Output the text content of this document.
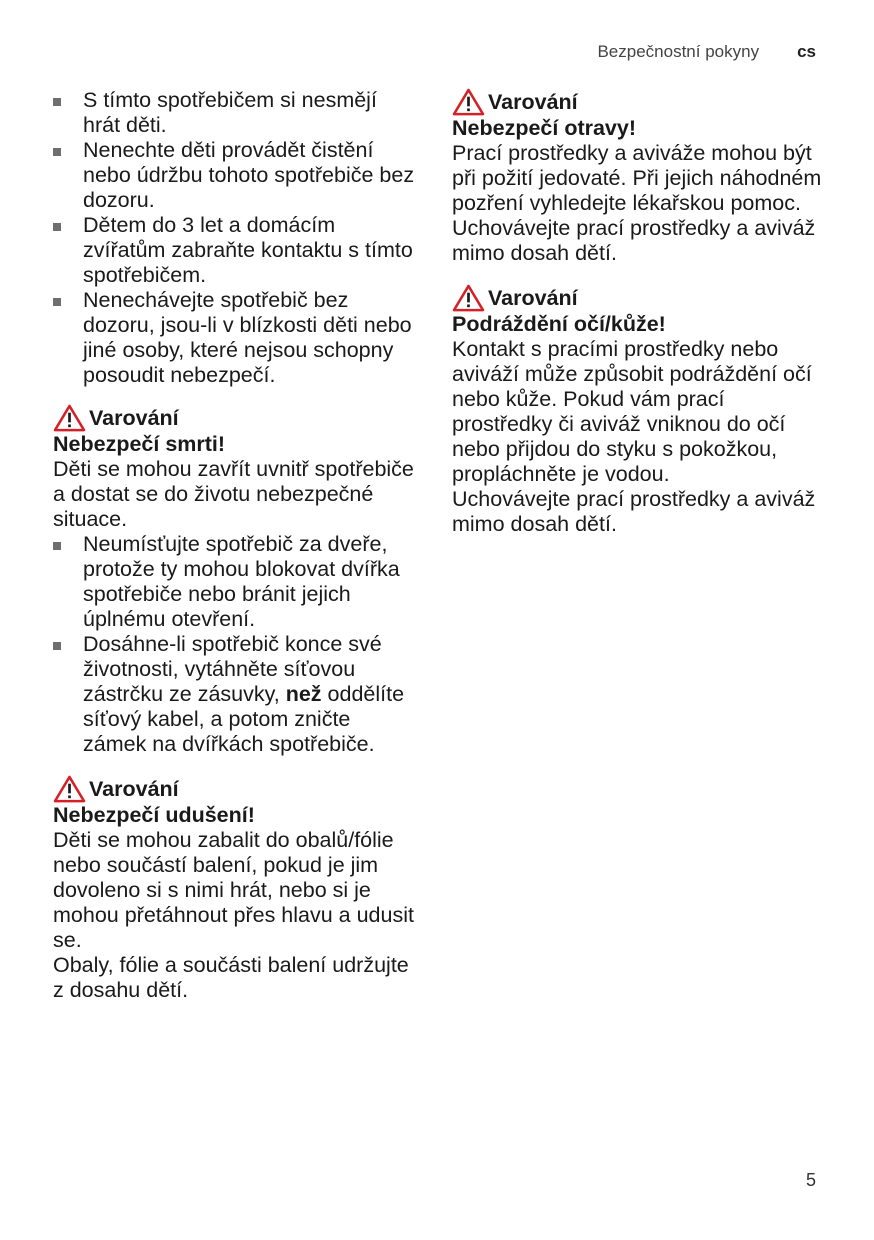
Bezpečnostní pokyny cs
S tímto spotřebičem si nesmějí hrát děti.
Nenechte děti provádět čistění nebo údržbu tohoto spotřebiče bez dozoru.
Dětem do 3 let a domácím zvířatům zabraňte kontaktu s tímto spotřebičem.
Nenechávejte spotřebič bez dozoru, jsou-li v blízkosti děti nebo jiné osoby, které nejsou schopny posoudit nebezpečí.
Varování
Nebezpečí smrti!

Děti se mohou zavřít uvnitř spotřebiče a dostat se do životu nebezpečné situace.

Neumísťujte spotřebič za dveře, protože ty mohou blokovat dvířka spotřebiče nebo bránit jejich úplnému otevření.
Dosáhne-li spotřebič konce své životnosti, vytáhněte síťovou zástrčku ze zásuvky, než oddělíte síťový kabel, a potom zničte zámek na dvířkách spotřebiče.
Varování
Nebezpečí udušení!

Děti se mohou zabalit do obalů/fólie nebo součástí balení, pokud je jim dovoleno si s nimi hrát, nebo si je mohou přetáhnout přes hlavu a udusit se.

Obaly, fólie a součásti balení udržujte z dosahu dětí.

Varování
Nebezpečí otravy!

Prací prostředky a aviváže mohou být při požití jedovaté. Při jejich náhodném pozření vyhledejte lékařskou pomoc.

Uchovávejte prací prostředky a aviváž mimo dosah dětí.

Varování
Podráždění očí/kůže!

Kontakt s pracími prostředky nebo aviváží může způsobit podráždění očí nebo kůže. Pokud vám prací prostředky či aviváž vniknou do očí nebo přijdou do styku s pokožkou, propláchněte je vodou.

Uchovávejte prací prostředky a aviváž mimo dosah dětí.

5
